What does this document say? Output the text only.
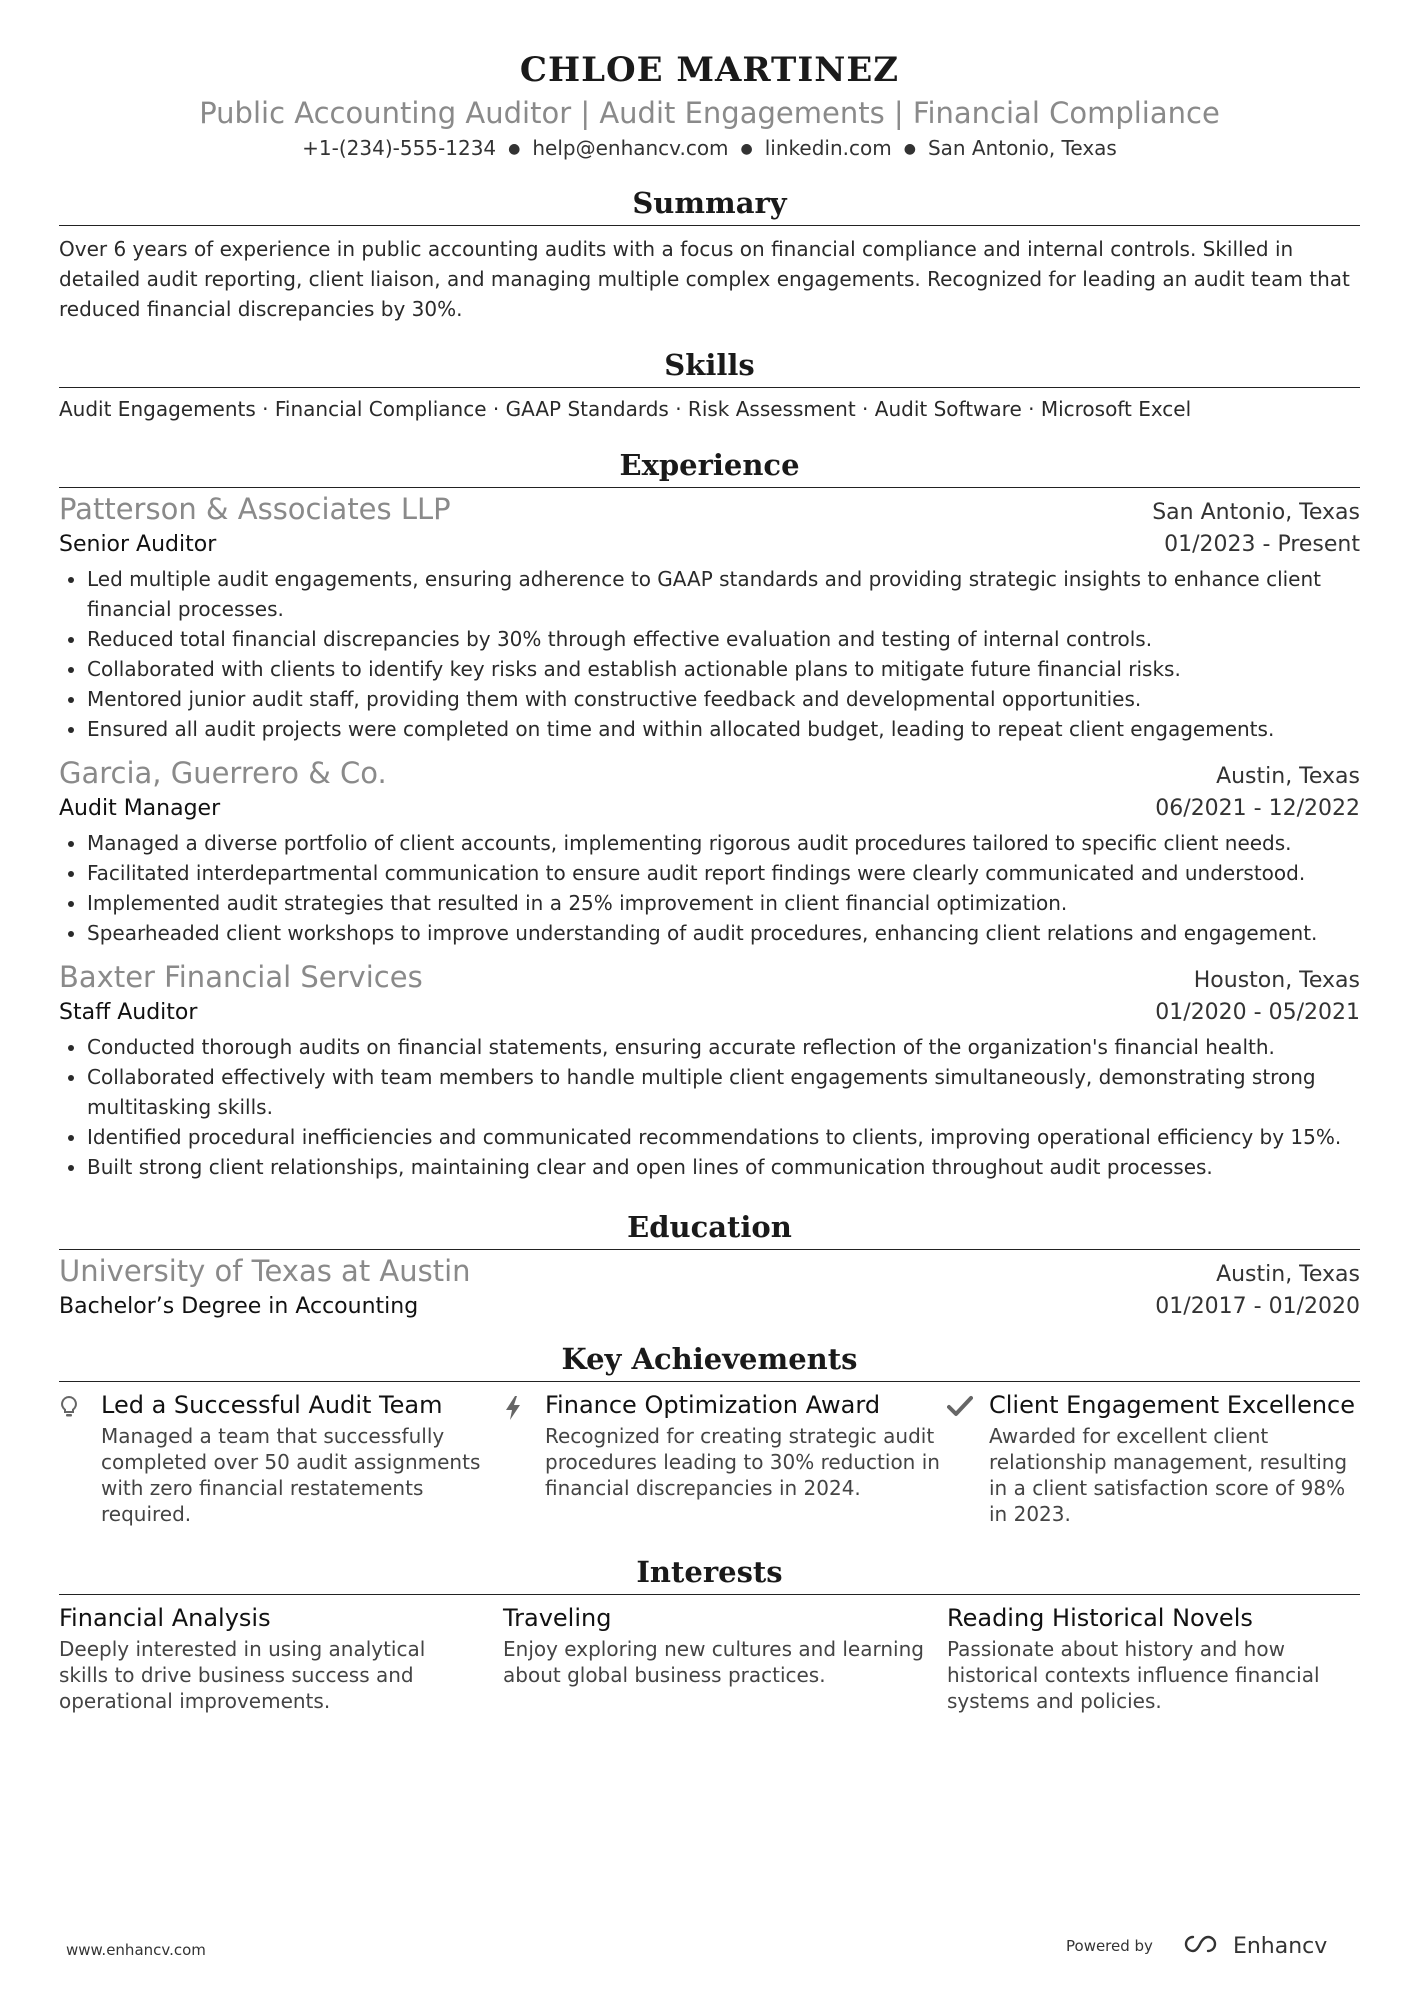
CHLOE MARTINEZ
Public Accounting Auditor | Audit Engagements | Financial Compliance
+1-(234)-555-1234 ● help@enhancv.com ● linkedin.com ● San Antonio, Texas
Summary
Over 6 years of experience in public accounting audits with a focus on financial compliance and internal controls. Skilled in detailed audit reporting, client liaison, and managing multiple complex engagements. Recognized for leading an audit team that reduced financial discrepancies by 30%.
Skills
Audit Engagements · Financial Compliance · GAAP Standards · Risk Assessment · Audit Software · Microsoft Excel
Experience
Patterson & Associates LLP	San Antonio, Texas
Senior Auditor	01/2023 - Present
• Led multiple audit engagements, ensuring adherence to GAAP standards and providing strategic insights to enhance client financial processes.
• Reduced total financial discrepancies by 30% through effective evaluation and testing of internal controls.
• Collaborated with clients to identify key risks and establish actionable plans to mitigate future financial risks.
• Mentored junior audit staff, providing them with constructive feedback and developmental opportunities.
• Ensured all audit projects were completed on time and within allocated budget, leading to repeat client engagements.
Garcia, Guerrero & Co.	Austin, Texas
Audit Manager	06/2021 - 12/2022
• Managed a diverse portfolio of client accounts, implementing rigorous audit procedures tailored to specific client needs.
• Facilitated interdepartmental communication to ensure audit report findings were clearly communicated and understood.
• Implemented audit strategies that resulted in a 25% improvement in client financial optimization.
• Spearheaded client workshops to improve understanding of audit procedures, enhancing client relations and engagement.
Baxter Financial Services	Houston, Texas
Staff Auditor	01/2020 - 05/2021
• Conducted thorough audits on financial statements, ensuring accurate reflection of the organization's financial health.
• Collaborated effectively with team members to handle multiple client engagements simultaneously, demonstrating strong multitasking skills.
• Identified procedural inefficiencies and communicated recommendations to clients, improving operational efficiency by 15%.
• Built strong client relationships, maintaining clear and open lines of communication throughout audit processes.
Education
University of Texas at Austin	Austin, Texas
Bachelor’s Degree in Accounting	01/2017 - 01/2020
Key Achievements
Led a Successful Audit Team
Managed a team that successfully completed over 50 audit assignments with zero financial restatements required.
Finance Optimization Award
Recognized for creating strategic audit procedures leading to 30% reduction in financial discrepancies in 2024.
Client Engagement Excellence
Awarded for excellent client relationship management, resulting in a client satisfaction score of 98% in 2023.
Interests
Financial Analysis
Deeply interested in using analytical skills to drive business success and operational improvements.
Traveling
Enjoy exploring new cultures and learning about global business practices.
Reading Historical Novels
Passionate about history and how historical contexts influence financial systems and policies.
www.enhancv.com	Powered by	Enhancv
